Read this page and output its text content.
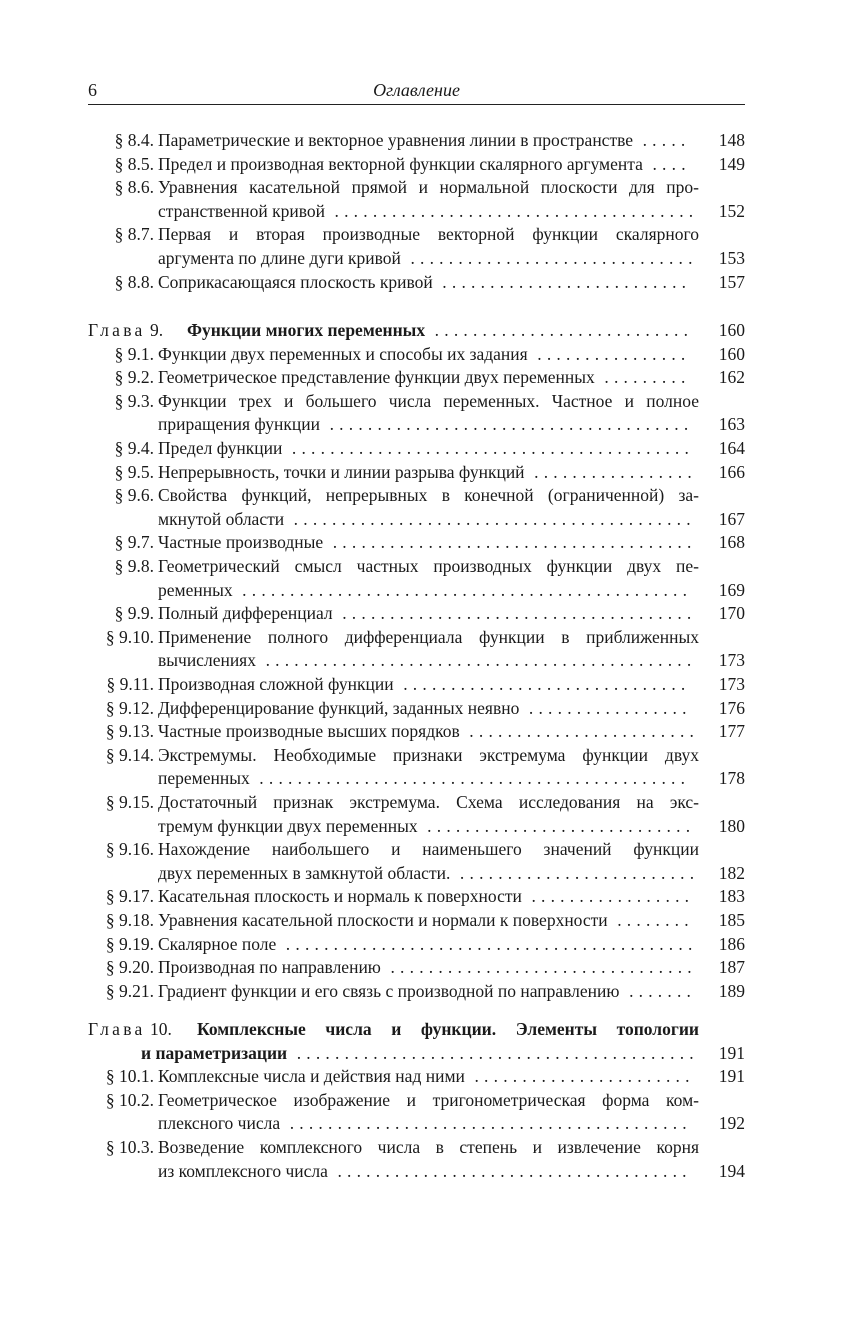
6	Оглавление
§ 8.4. Параметрические и векторное уравнения линии в пространстве .....	148
§ 8.5. Предел и производная векторной функции скалярного аргумента ....	149
§ 8.6. Уравнения касательной прямой и нормальной плоскости для про-
странственной кривой ......................................	152
§ 8.7. Первая и вторая производные векторной функции скалярного
аргумента по длине дуги кривой ..............................	153
§ 8.8. Соприкасающаяся плоскость кривой ..........................	157
Глава 9. Функции многих переменных ...........................	160
§ 9.1. Функции двух переменных и способы их задания ................	160
§ 9.2. Геометрическое представление функции двух переменных .........	162
§ 9.3. Функции трех и большего числа переменных. Частное и полное
приращения функции ......................................	163
§ 9.4. Предел функции ..........................................	164
§ 9.5. Непрерывность, точки и линии разрыва функций .................	166
§ 9.6. Свойства функций, непрерывных в конечной (ограниченной) за-
мкнутой области ..........................................	167
§ 9.7. Частные производные ......................................	168
§ 9.8. Геометрический смысл частных производных функции двух пе-
ременных ...............................................	169
§ 9.9. Полный дифференциал .....................................	170
§ 9.10. Применение полного дифференциала функции в приближенных
вычислениях .............................................	173
§ 9.11. Производная сложной функции ..............................	173
§ 9.12. Дифференцирование функций, заданных неявно .................	176
§ 9.13. Частные производные высших порядков ........................	177
§ 9.14. Экстремумы. Необходимые признаки экстремума функции двух
переменных .............................................	178
§ 9.15. Достаточный признак экстремума. Схема исследования на экс-
тремум функции двух переменных ............................	180
§ 9.16. Нахождение наибольшего и наименьшего значений функции
двух переменных в замкнутой области. .........................	182
§ 9.17. Касательная плоскость и нормаль к поверхности .................	183
§ 9.18. Уравнения касательной плоскости и нормали к поверхности ........	185
§ 9.19. Скалярное поле ...........................................	186
§ 9.20. Производная по направлению ................................	187
§ 9.21. Градиент функции и его связь с производной по направлению .......	189
Глава 10. Комплексные числа и функции. Элементы топологии
и параметризации ..........................................	191
§ 10.1. Комплексные числа и действия над ними .......................	191
§ 10.2. Геометрическое изображение и тригонометрическая форма ком-
плексного числа ..........................................	192
§ 10.3. Возведение комплексного числа в степень и извлечение корня
из комплексного числа .....................................	194
